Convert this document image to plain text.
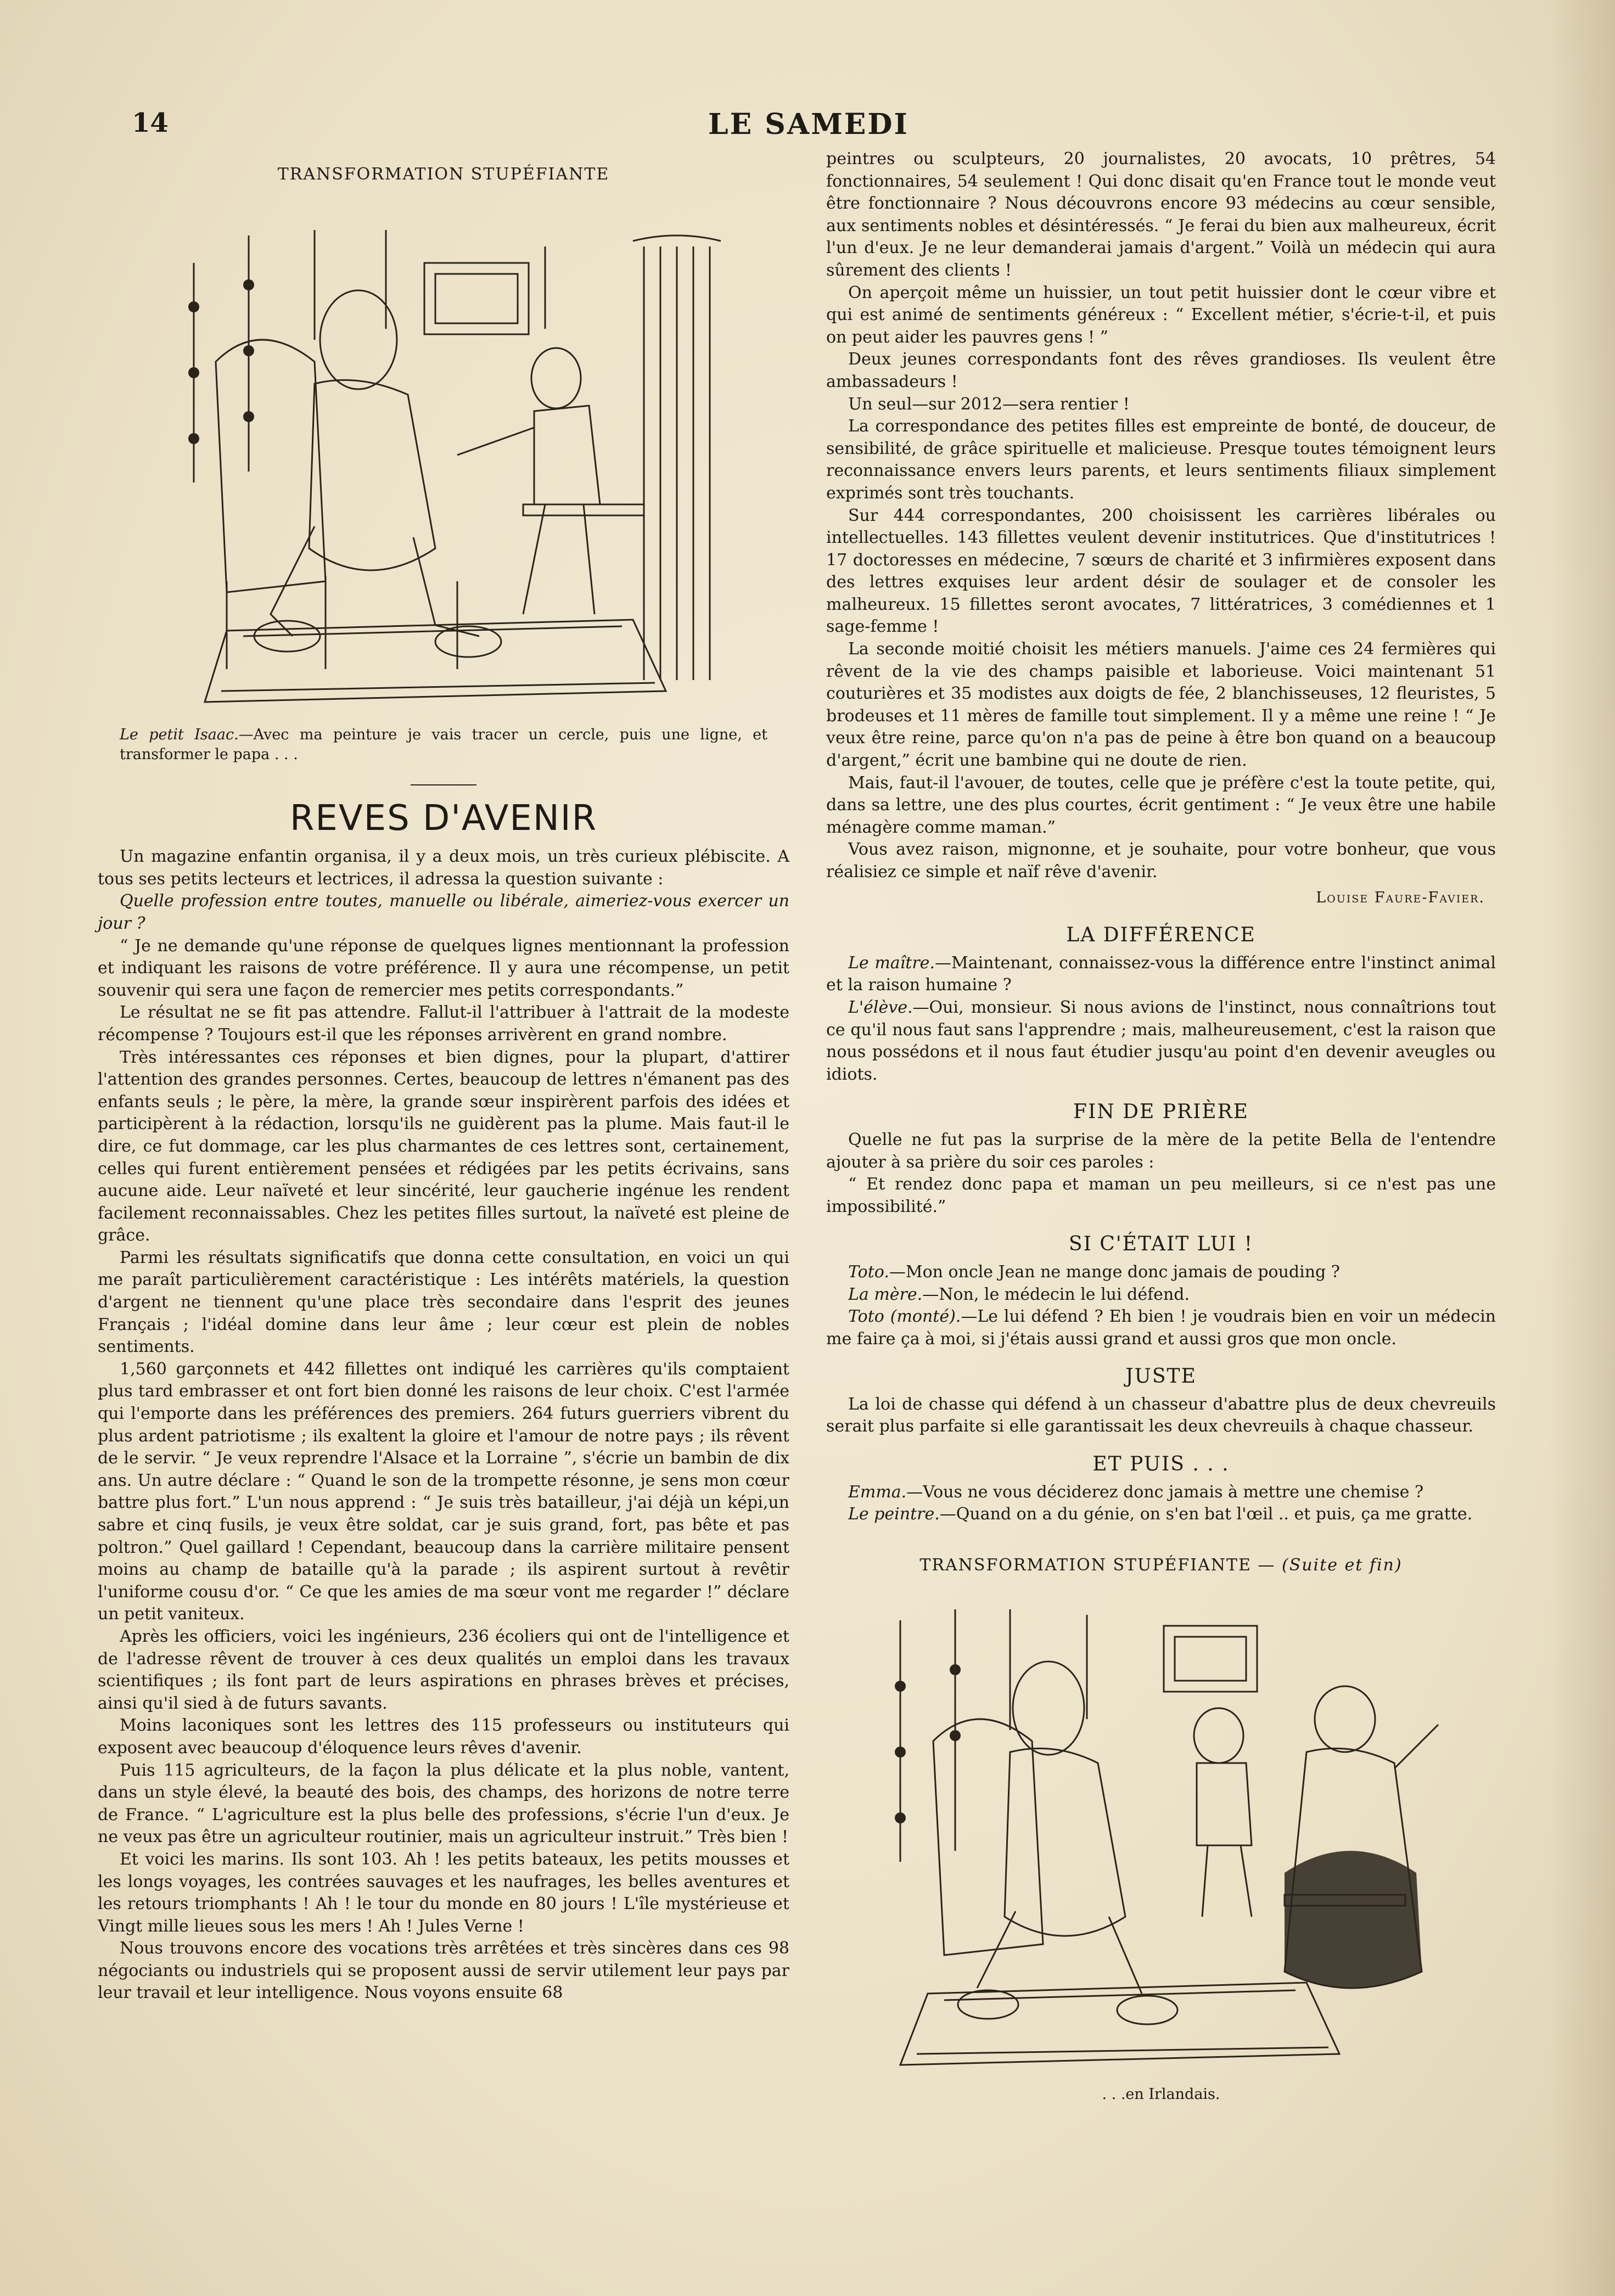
14	LE SAMEDI
TRANSFORMATION STUPÉFIANTE
Le petit Isaac.—Avec ma peinture je vais tracer un cercle, puis une ligne, et transformer le papa . . .
REVES D'AVENIR

Un magazine enfantin organisa, il y a deux mois, un très curieux plébiscite. A tous ses petits lecteurs et lectrices, il adressa la question suivante :

Quelle profession entre toutes, manuelle ou libérale, aimeriez-vous exercer un jour ?

“ Je ne demande qu'une réponse de quelques lignes mentionnant la profession et indiquant les raisons de votre préférence. Il y aura une récompense, un petit souvenir qui sera une façon de remercier mes petits correspondants.”

Le résultat ne se fit pas attendre. Fallut-il l'attribuer à l'attrait de la modeste récompense ? Toujours est-il que les réponses arrivèrent en grand nombre.

Très intéressantes ces réponses et bien dignes, pour la plupart, d'attirer l'attention des grandes personnes. Certes, beaucoup de lettres n'émanent pas des enfants seuls ; le père, la mère, la grande sœur inspirèrent parfois des idées et participèrent à la rédaction, lorsqu'ils ne guidèrent pas la plume. Mais faut-il le dire, ce fut dommage, car les plus charmantes de ces lettres sont, certainement, celles qui furent entièrement pensées et rédigées par les petits écrivains, sans aucune aide. Leur naïveté et leur sincérité, leur gaucherie ingénue les rendent facilement reconnaissables. Chez les petites filles surtout, la naïveté est pleine de grâce.

Parmi les résultats significatifs que donna cette consultation, en voici un qui me paraît particulièrement caractéristique : Les intérêts matériels, la question d'argent ne tiennent qu'une place très secondaire dans l'esprit des jeunes Français ; l'idéal domine dans leur âme ; leur cœur est plein de nobles sentiments.

1,560 garçonnets et 442 fillettes ont indiqué les carrières qu'ils comptaient plus tard embrasser et ont fort bien donné les raisons de leur choix. C'est l'armée qui l'emporte dans les préférences des premiers. 264 futurs guerriers vibrent du plus ardent patriotisme ; ils exaltent la gloire et l'amour de notre pays ; ils rêvent de le servir. “ Je veux reprendre l'Alsace et la Lorraine ”, s'écrie un bambin de dix ans. Un autre déclare : “ Quand le son de la trompette résonne, je sens mon cœur battre plus fort.” L'un nous apprend : “ Je suis très batailleur, j'ai déjà un képi,un sabre et cinq fusils, je veux être soldat, car je suis grand, fort, pas bête et pas poltron.” Quel gaillard ! Cependant, beaucoup dans la carrière militaire pensent moins au champ de bataille qu'à la parade ; ils aspirent surtout à revêtir l'uniforme cousu d'or. “ Ce que les amies de ma sœur vont me regarder !” déclare un petit vaniteux.

Après les officiers, voici les ingénieurs, 236 écoliers qui ont de l'intelligence et de l'adresse rêvent de trouver à ces deux qualités un emploi dans les travaux scientifiques ; ils font part de leurs aspirations en phrases brèves et précises, ainsi qu'il sied à de futurs savants.

Moins laconiques sont les lettres des 115 professeurs ou instituteurs qui exposent avec beaucoup d'éloquence leurs rêves d'avenir.

Puis 115 agriculteurs, de la façon la plus délicate et la plus noble, vantent, dans un style élevé, la beauté des bois, des champs, des horizons de notre terre de France. “ L'agriculture est la plus belle des professions, s'écrie l'un d'eux. Je ne veux pas être un agriculteur routinier, mais un agriculteur instruit.” Très bien !

Et voici les marins. Ils sont 103. Ah ! les petits bateaux, les petits mousses et les longs voyages, les contrées sauvages et les naufrages, les belles aventures et les retours triomphants ! Ah ! le tour du monde en 80 jours ! L'île mystérieuse et Vingt mille lieues sous les mers ! Ah ! Jules Verne !

Nous trouvons encore des vocations très arrêtées et très sincères dans ces 98 négociants ou industriels qui se proposent aussi de servir utilement leur pays par leur travail et leur intelligence. Nous voyons ensuite 68

peintres ou sculpteurs, 20 journalistes, 20 avocats, 10 prêtres, 54 fonctionnaires, 54 seulement ! Qui donc disait qu'en France tout le monde veut être fonctionnaire ? Nous découvrons encore 93 médecins au cœur sensible, aux sentiments nobles et désintéressés. “ Je ferai du bien aux malheureux, écrit l'un d'eux. Je ne leur demanderai jamais d'argent.” Voilà un médecin qui aura sûrement des clients !

On aperçoit même un huissier, un tout petit huissier dont le cœur vibre et qui est animé de sentiments généreux : “ Excellent métier, s'écrie-t-il, et puis on peut aider les pauvres gens ! ”

Deux jeunes correspondants font des rêves grandioses. Ils veulent être ambassadeurs !

Un seul—sur 2012—sera rentier !

La correspondance des petites filles est empreinte de bonté, de douceur, de sensibilité, de grâce spirituelle et malicieuse. Presque toutes témoignent leurs reconnaissance envers leurs parents, et leurs sentiments filiaux simplement exprimés sont très touchants.

Sur 444 correspondantes, 200 choisissent les carrières libérales ou intellectuelles. 143 fillettes veulent devenir institutrices. Que d'institutrices ! 17 doctoresses en médecine, 7 sœurs de charité et 3 infirmières exposent dans des lettres exquises leur ardent désir de soulager et de consoler les malheureux. 15 fillettes seront avocates, 7 littératrices, 3 comédiennes et 1 sage-femme !

La seconde moitié choisit les métiers manuels. J'aime ces 24 fermières qui rêvent de la vie des champs paisible et laborieuse. Voici maintenant 51 couturières et 35 modistes aux doigts de fée, 2 blanchisseuses, 12 fleuristes, 5 brodeuses et 11 mères de famille tout simplement. Il y a même une reine ! “ Je veux être reine, parce qu'on n'a pas de peine à être bon quand on a beaucoup d'argent,” écrit une bambine qui ne doute de rien.

Mais, faut-il l'avouer, de toutes, celle que je préfère c'est la toute petite, qui, dans sa lettre, une des plus courtes, écrit gentiment : “ Je veux être une habile ménagère comme maman.”

Vous avez raison, mignonne, et je souhaite, pour votre bonheur, que vous réalisiez ce simple et naïf rêve d'avenir.

Louise Faure-Favier.
LA DIFFÉRENCE

Le maître.—Maintenant, connaissez-vous la différence entre l'instinct animal et la raison humaine ?

L'élève.—Oui, monsieur. Si nous avions de l'instinct, nous connaîtrions tout ce qu'il nous faut sans l'apprendre ; mais, malheureusement, c'est la raison que nous possédons et il nous faut étudier jusqu'au point d'en devenir aveugles ou idiots.

FIN DE PRIÈRE

Quelle ne fut pas la surprise de la mère de la petite Bella de l'entendre ajouter à sa prière du soir ces paroles :

“ Et rendez donc papa et maman un peu meilleurs, si ce n'est pas une impossibilité.”

SI C'ÉTAIT LUI !

Toto.—Mon oncle Jean ne mange donc jamais de pouding ?

La mère.—Non, le médecin le lui défend.

Toto (monté).—Le lui défend ? Eh bien ! je voudrais bien en voir un médecin me faire ça à moi, si j'étais aussi grand et aussi gros que mon oncle.

JUSTE

La loi de chasse qui défend à un chasseur d'abattre plus de deux chevreuils serait plus parfaite si elle garantissait les deux chevreuils à chaque chasseur.

ET PUIS . . .

Emma.—Vous ne vous déciderez donc jamais à mettre une chemise ?

Le peintre.—Quand on a du génie, on s'en bat l'œil .. et puis, ça me gratte.

TRANSFORMATION STUPÉFIANTE — (Suite et fin)
. . .en Irlandais.
